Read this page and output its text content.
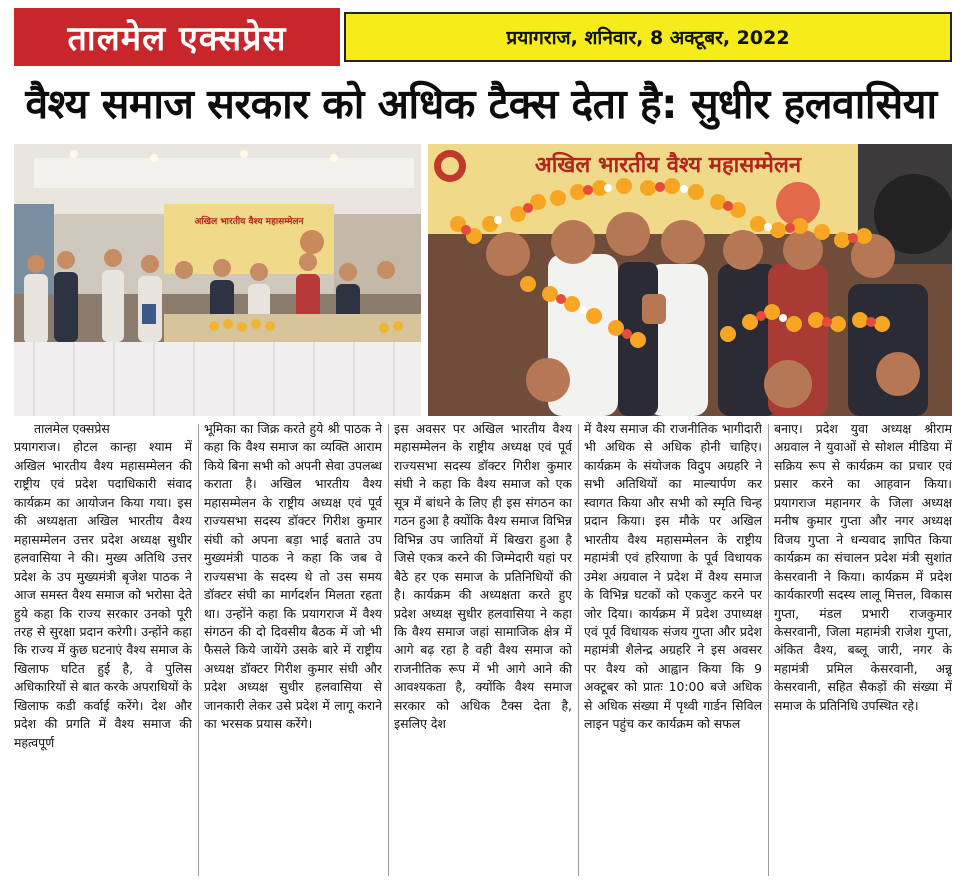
तालमेल एक्सप्रेस	प्रयागराज, शनिवार, 8 अक्टूबर, 2022
वैश्य समाज सरकार को अधिक टैक्स देता है: सुधीर हलवासिया
अखिल भारतीय वैश्य महासम्मेलन
अखिल भारतीय वैश्य महासम्मेलन
तालमेल एक्सप्रेस

प्रयागराज। होटल कान्हा श्याम में अखिल भारतीय वैश्य महासम्मेलन की राष्ट्रीय एवं प्रदेश पदाधिकारी संवाद कार्यक्रम का आयोजन किया गया। इस की अध्यक्षता अखिल भारतीय वैश्य महासम्मेलन उत्तर प्रदेश अध्यक्ष सुधीर हलवासिया ने की। मुख्य अतिथि उत्तर प्रदेश के उप मुख्यमंत्री बृजेश पाठक ने आज समस्त वैश्य समाज को भरोसा देते हुये कहा कि राज्य सरकार उनको पूरी तरह से सुरक्षा प्रदान करेगी। उन्होंने कहा कि राज्य में कुछ घटनाएं वैश्य समाज के खिलाफ घटित हुई है, वे पुलिस अधिकारियों से बात करके अपराधियों के खिलाफ कडी कर्वाई करेंगे। देश और प्रदेश की प्रगति में वैश्य समाज की महत्वपूर्ण

भूमिका का जिक्र करते हुये श्री पाठक ने कहा कि वैश्य समाज का व्यक्ति आराम किये बिना सभी को अपनी सेवा उपलब्ध कराता है। अखिल भारतीय वैश्य महासम्मेलन के राष्ट्रीय अध्यक्ष एवं पूर्व राज्यसभा सदस्य डॉक्टर गिरीश कुमार संघी को अपना बड़ा भाई बताते उप मुख्यमंत्री पाठक ने कहा कि जब वे राज्यसभा के सदस्य थे तो उस समय डॉक्टर संघी का मार्गदर्शन मिलता रहता था। उन्होंने कहा कि प्रयागराज में वैश्य संगठन की दो दिवसीय बैठक में जो भी फैसले किये जायेंगे उसके बारे में राष्ट्रीय अध्यक्ष डॉक्टर गिरीश कुमार संघी और प्रदेश अध्यक्ष सुधीर हलवासिया से जानकारी लेकर उसे प्रदेश में लागू कराने का भरसक प्रयास करेंगे।

इस अवसर पर अखिल भारतीय वैश्य महासम्मेलन के राष्ट्रीय अध्यक्ष एवं पूर्व राज्यसभा सदस्य डॉक्टर गिरीश कुमार संघी ने कहा कि वैश्य समाज को एक सूत्र में बांधने के लिए ही इस संगठन का गठन हुआ है क्योंकि वैश्य समाज विभिन्न विभिन्न उप जातियों में बिखरा हुआ है जिसे एकत्र करने की जिम्मेदारी यहां पर बैठे हर एक समाज के प्रतिनिधियों की है। कार्यक्रम की अध्यक्षता करते हुए प्रदेश अध्यक्ष सुधीर हलवासिया ने कहा कि वैश्य समाज जहां सामाजिक क्षेत्र में आगे बढ़ रहा है वही वैश्य समाज को राजनीतिक रूप में भी आगे आने की आवश्यकता है, क्योंकि वैश्य समाज सरकार को अधिक टैक्स देता है, इसलिए देश

में वैश्य समाज की राजनीतिक भागीदारी भी अधिक से अधिक होनी चाहिए। कार्यक्रम के संयोजक विदुप अग्रहरि ने सभी अतिथियों का माल्यार्पण कर स्वागत किया और सभी को स्मृति चिन्ह प्रदान किया। इस मौके पर अखिल भारतीय वैश्य महासम्मेलन के राष्ट्रीय महामंत्री एवं हरियाणा के पूर्व विधायक उमेश अग्रवाल ने प्रदेश में वैश्य समाज के विभिन्न घटकों को एकजुट करने पर जोर दिया। कार्यक्रम में प्रदेश उपाध्यक्ष एवं पूर्व विधायक संजय गुप्ता और प्रदेश महामंत्री शैलेन्द्र अग्रहरि ने इस अवसर पर वैश्य को आह्वान किया कि 9 अक्टूबर को प्रातः 10:00 बजे अधिक से अधिक संख्या में पृथ्वी गार्डन सिविल लाइन पहुंच कर कार्यक्रम को सफल

बनाए। प्रदेश युवा अध्यक्ष श्रीराम अग्रवाल ने युवाओं से सोशल मीडिया में सक्रिय रूप से कार्यक्रम का प्रचार एवं प्रसार करने का आहवान किया। प्रयागराज महानगर के जिला अध्यक्ष मनीष कुमार गुप्ता और नगर अध्यक्ष विजय गुप्ता ने धन्यवाद ज्ञापित किया कार्यक्रम का संचालन प्रदेश मंत्री सुशांत केसरवानी ने किया। कार्यक्रम में प्रदेश कार्यकारणी सदस्य लालू मित्तल, विकास गुप्ता, मंडल प्रभारी राजकुमार केसरवानी, जिला महामंत्री राजेश गुप्ता, अंकित वैश्य, बब्लू जारी, नगर के महामंत्री प्रमिल केसरवानी, अन्नू केसरवानी, सहित सैकड़ों की संख्या में समाज के प्रतिनिधि उपस्थित रहे।
